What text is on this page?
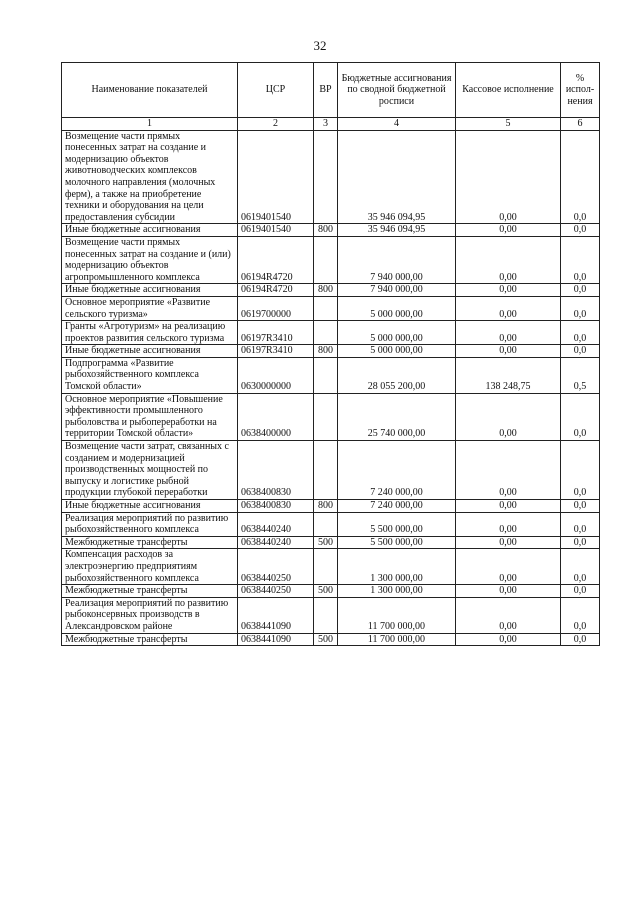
32
Наименование показателей	ЦСР	ВР	Бюджетные ассигнования по сводной бюджетной росписи	Кассовое исполнение	% испол-нения
1	2	3	4	5	6
Возмещение части прямых понесенных затрат на создание и модернизацию объектов животноводческих комплексов молочного направления (молочных ферм), а также на приобретение техники и оборудования на цели предоставления субсидии	0619401540		35 946 094,95	0,00	0,0
Иные бюджетные ассигнования	0619401540	800	35 946 094,95	0,00	0,0
Возмещение части прямых понесенных затрат на создание и (или) модернизацию объектов агропромышленного комплекса	06194R4720		7 940 000,00	0,00	0,0
Иные бюджетные ассигнования	06194R4720	800	7 940 000,00	0,00	0,0
Основное мероприятие «Развитие сельского туризма»	0619700000		5 000 000,00	0,00	0,0
Гранты «Агротуризм» на реализацию проектов развития сельского туризма	06197R3410		5 000 000,00	0,00	0,0
Иные бюджетные ассигнования	06197R3410	800	5 000 000,00	0,00	0,0
Подпрограмма «Развитие рыбохозяйственного комплекса Томской области»	0630000000		28 055 200,00	138 248,75	0,5
Основное мероприятие «Повышение эффективности промышленного рыболовства и рыбопереработки на территории Томской области»	0638400000		25 740 000,00	0,00	0,0
Возмещение части затрат, связанных с созданием и модернизацией производственных мощностей по выпуску и логистике рыбной продукции глубокой переработки	0638400830		7 240 000,00	0,00	0,0
Иные бюджетные ассигнования	0638400830	800	7 240 000,00	0,00	0,0
Реализация мероприятий по развитию рыбохозяйственного комплекса	0638440240		5 500 000,00	0,00	0,0
Межбюджетные трансферты	0638440240	500	5 500 000,00	0,00	0,0
Компенсация расходов за электроэнергию предприятиям рыбохозяйственного комплекса	0638440250		1 300 000,00	0,00	0,0
Межбюджетные трансферты	0638440250	500	1 300 000,00	0,00	0,0
Реализация мероприятий по развитию рыбоконсервных производств в Александровском районе	0638441090		11 700 000,00	0,00	0,0
Межбюджетные трансферты	0638441090	500	11 700 000,00	0,00	0,0
